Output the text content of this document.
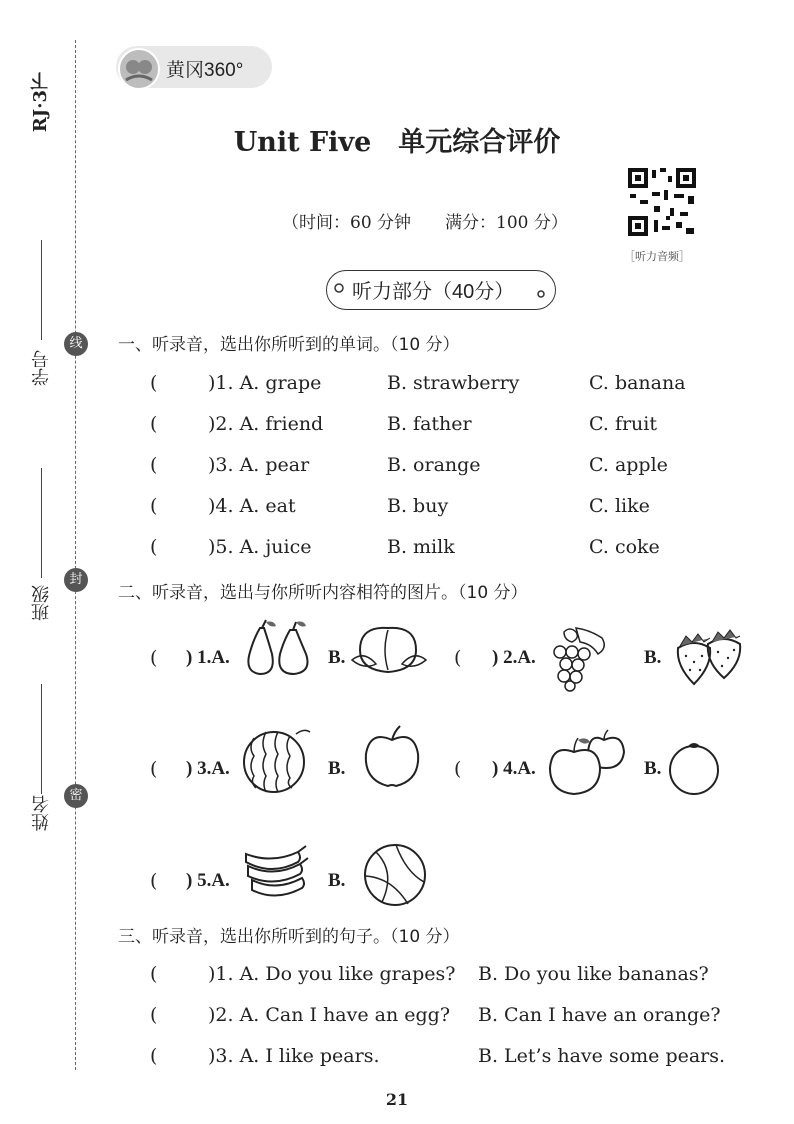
RJ·3下
学号
班级
姓名
线
封
密
黄冈360°
Unit Five　单元综合评价
（时间：60 分钟　　满分：100 分）
［听力音频］
听力部分（40分）
一、听录音，选出你所听到的单词。（10 分）
(	)1. A. grape	B. strawberry	C. banana
(	)2. A. friend	B. father	C. fruit
(	)3. A. pear	B. orange	C. apple
(	)4. A. eat	B. buy	C. like
(	)5. A. juice	B. milk	C. coke
二、听录音，选出与你所听内容相符的图片。（10 分）
( ) 1.A.	B.	( ) 2.A.	B.
( ) 3.A.	B.	( ) 4.A.	B.
( ) 5.A.	B.
三、听录音，选出你所听到的句子。（10 分）
(	)1. A. Do you like grapes? B. Do you like bananas?
(	)2. A. Can I have an egg? B. Can I have an orange?
(	)3. A. I like pears.	B. Let’s have some pears.
21
